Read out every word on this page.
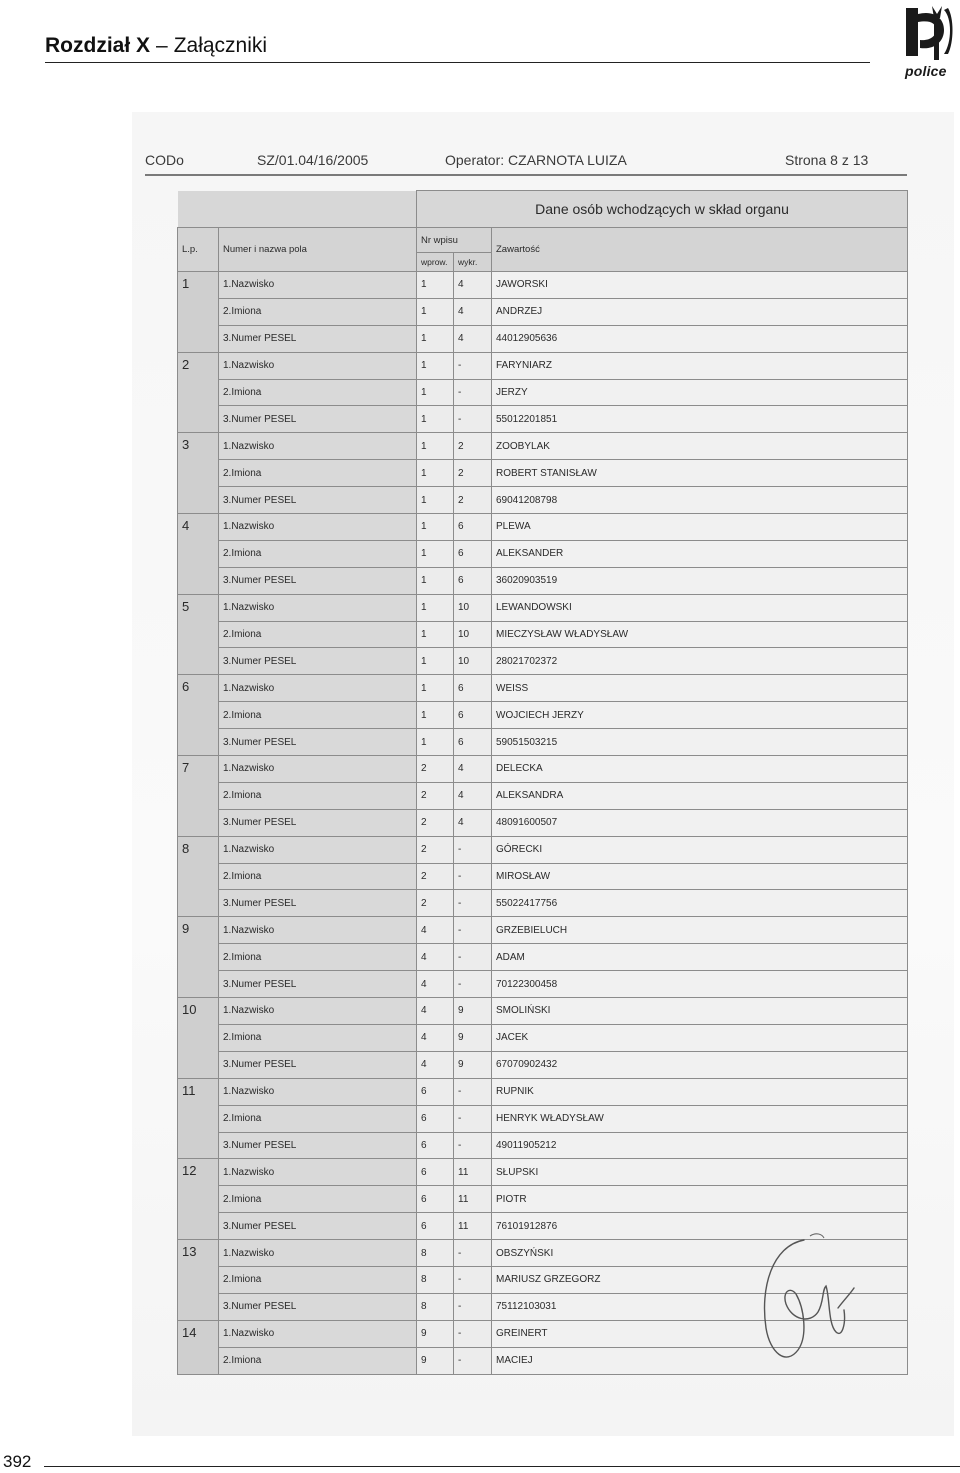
Rozdział X – Załączniki
police
CODo	SZ/01.04/16/2005	Operator: CZARNOTA LUIZA	Strona 8 z 13
		Dane osób wchodzących w skład organu		
L.p.	Numer i nazwa pola	Nr wpisu		Zawartość
		wprow.	wykr.	
1	1.Nazwisko	1	4	JAWORSKI
	2.Imiona	1	4	ANDRZEJ
	3.Numer PESEL	1	4	44012905636
2	1.Nazwisko	1	-	FARYNIARZ
	2.Imiona	1	-	JERZY
	3.Numer PESEL	1	-	55012201851
3	1.Nazwisko	1	2	ZOOBYLAK
	2.Imiona	1	2	ROBERT STANISŁAW
	3.Numer PESEL	1	2	69041208798
4	1.Nazwisko	1	6	PLEWA
	2.Imiona	1	6	ALEKSANDER
	3.Numer PESEL	1	6	36020903519
5	1.Nazwisko	1	10	LEWANDOWSKI
	2.Imiona	1	10	MIECZYSŁAW WŁADYSŁAW
	3.Numer PESEL	1	10	28021702372
6	1.Nazwisko	1	6	WEISS
	2.Imiona	1	6	WOJCIECH JERZY
	3.Numer PESEL	1	6	59051503215
7	1.Nazwisko	2	4	DELECKA
	2.Imiona	2	4	ALEKSANDRA
	3.Numer PESEL	2	4	48091600507
8	1.Nazwisko	2	-	GÓRECKI
	2.Imiona	2	-	MIROSŁAW
	3.Numer PESEL	2	-	55022417756
9	1.Nazwisko	4	-	GRZEBIELUCH
	2.Imiona	4	-	ADAM
	3.Numer PESEL	4	-	70122300458
10	1.Nazwisko	4	9	SMOLIŃSKI
	2.Imiona	4	9	JACEK
	3.Numer PESEL	4	9	67070902432
11	1.Nazwisko	6	-	RUPNIK
	2.Imiona	6	-	HENRYK WŁADYSŁAW
	3.Numer PESEL	6	-	49011905212
12	1.Nazwisko	6	11	SŁUPSKI
	2.Imiona	6	11	PIOTR
	3.Numer PESEL	6	11	76101912876
13	1.Nazwisko	8	-	OBSZYŃSKI
	2.Imiona	8	-	MARIUSZ GRZEGORZ
	3.Numer PESEL	8	-	75112103031
14	1.Nazwisko	9	-	GREINERT
	2.Imiona	9	-	MACIEJ
392
